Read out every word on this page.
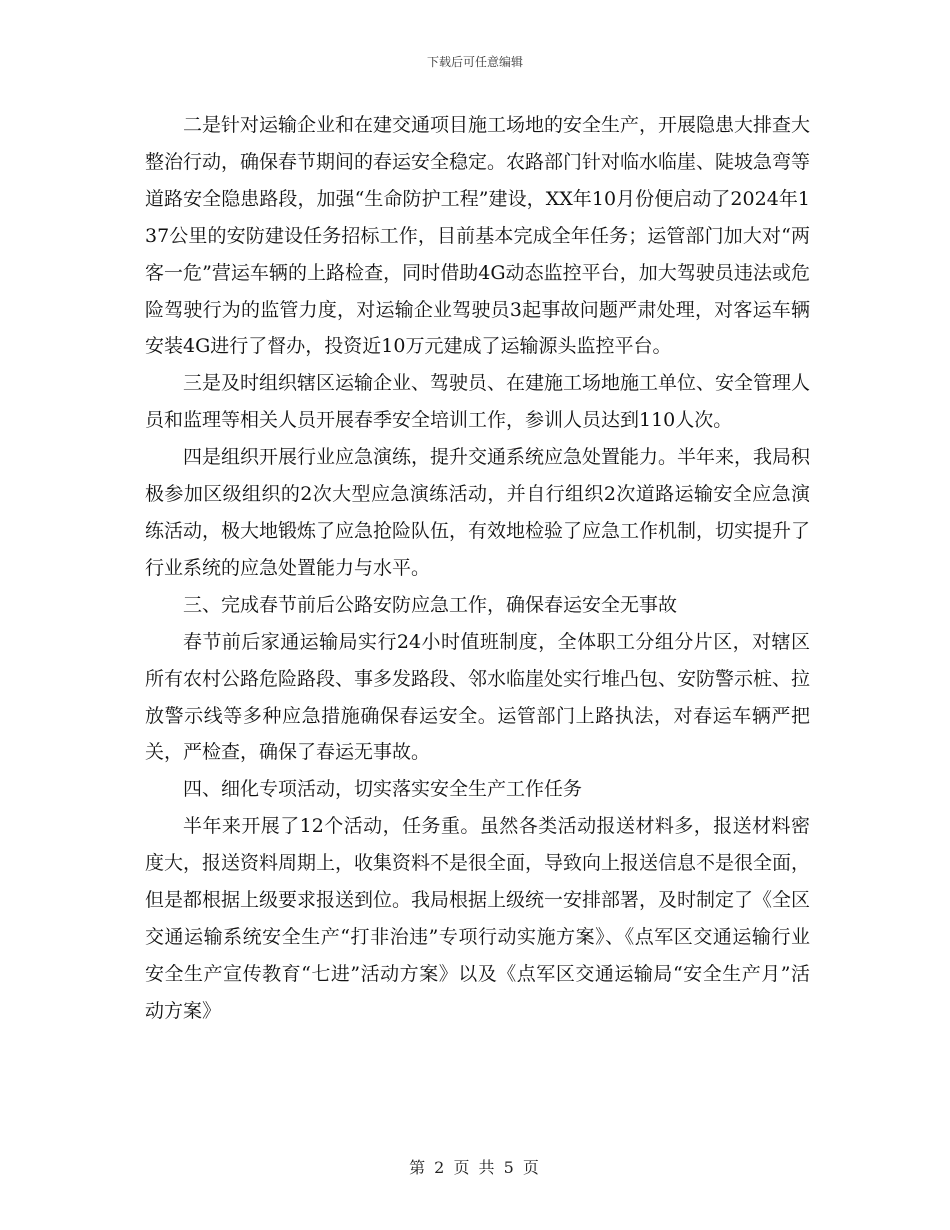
下载后可任意编辑

二是针对运输企业和在建交通项目施工场地的安全生产，开展隐患大排查大整治行动，确保春节期间的春运安全稳定。农路部门针对临水临崖、陡坡急弯等道路安全隐患路段，加强“生命防护工程”建设，XX年10月份便启动了2024年137公里的安防建设任务招标工作，目前基本完成全年任务；运管部门加大对“两客一危”营运车辆的上路检查，同时借助4G动态监控平台，加大驾驶员违法或危险驾驶行为的监管力度，对运输企业驾驶员3起事故问题严肃处理，对客运车辆安装4G进行了督办，投资近10万元建成了运输源头监控平台。

三是及时组织辖区运输企业、驾驶员、在建施工场地施工单位、安全管理人员和监理等相关人员开展春季安全培训工作，参训人员达到110人次。

四是组织开展行业应急演练，提升交通系统应急处置能力。半年来，我局积极参加区级组织的2次大型应急演练活动，并自行组织2次道路运输安全应急演练活动，极大地锻炼了应急抢险队伍，有效地检验了应急工作机制，切实提升了行业系统的应急处置能力与水平。

三、完成春节前后公路安防应急工作，确保春运安全无事故

春节前后家通运输局实行24小时值班制度，全体职工分组分片区，对辖区所有农村公路危险路段、事多发路段、邻水临崖处实行堆凸包、安防警示桩、拉放警示线等多种应急措施确保春运安全。运管部门上路执法，对春运车辆严把关，严检查，确保了春运无事故。

四、细化专项活动，切实落实安全生产工作任务

半年来开展了12个活动，任务重。虽然各类活动报送材料多，报送材料密度大，报送资料周期上，收集资料不是很全面，导致向上报送信息不是很全面，但是都根据上级要求报送到位。我局根据上级统一安排部署，及时制定了《全区交通运输系统安全生产“打非治违”专项行动实施方案》、《点军区交通运输行业安全生产宣传教育“七进”活动方案》以及《点军区交通运输局“安全生产月”活动方案》

第 2 页 共 5 页
